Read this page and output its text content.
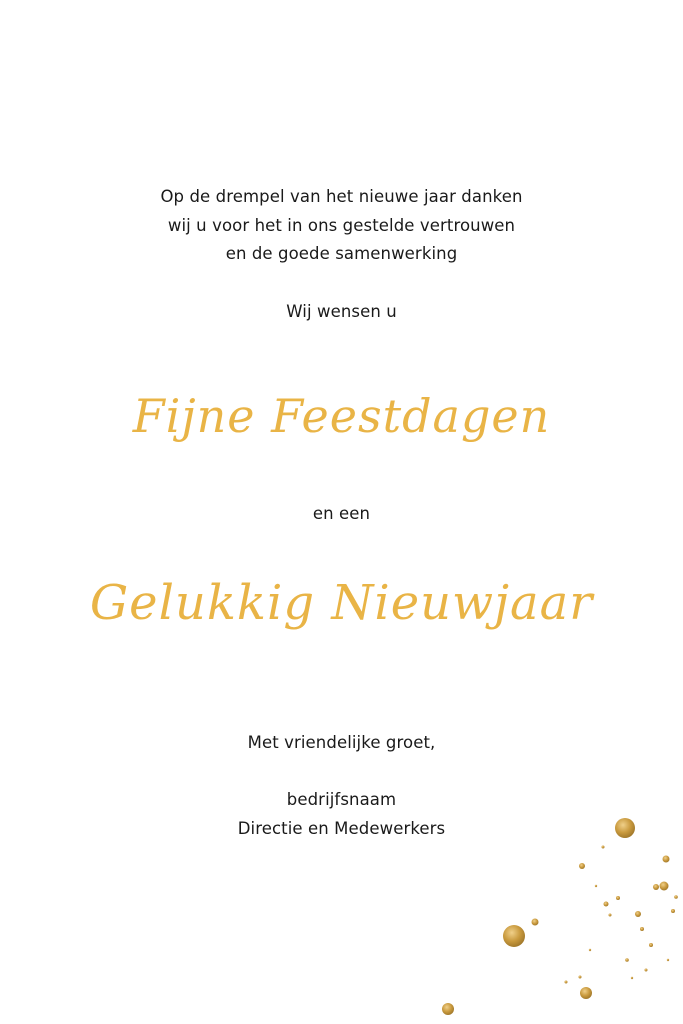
Op de drempel van het nieuwe jaar danken
wij u voor het in ons gestelde vertrouwen
en de goede samenwerking
Wij wensen u
Fijne Feestdagen
en een
Gelukkig Nieuwjaar
Met vriendelijke groet,
bedrijfsnaam
Directie en Medewerkers
